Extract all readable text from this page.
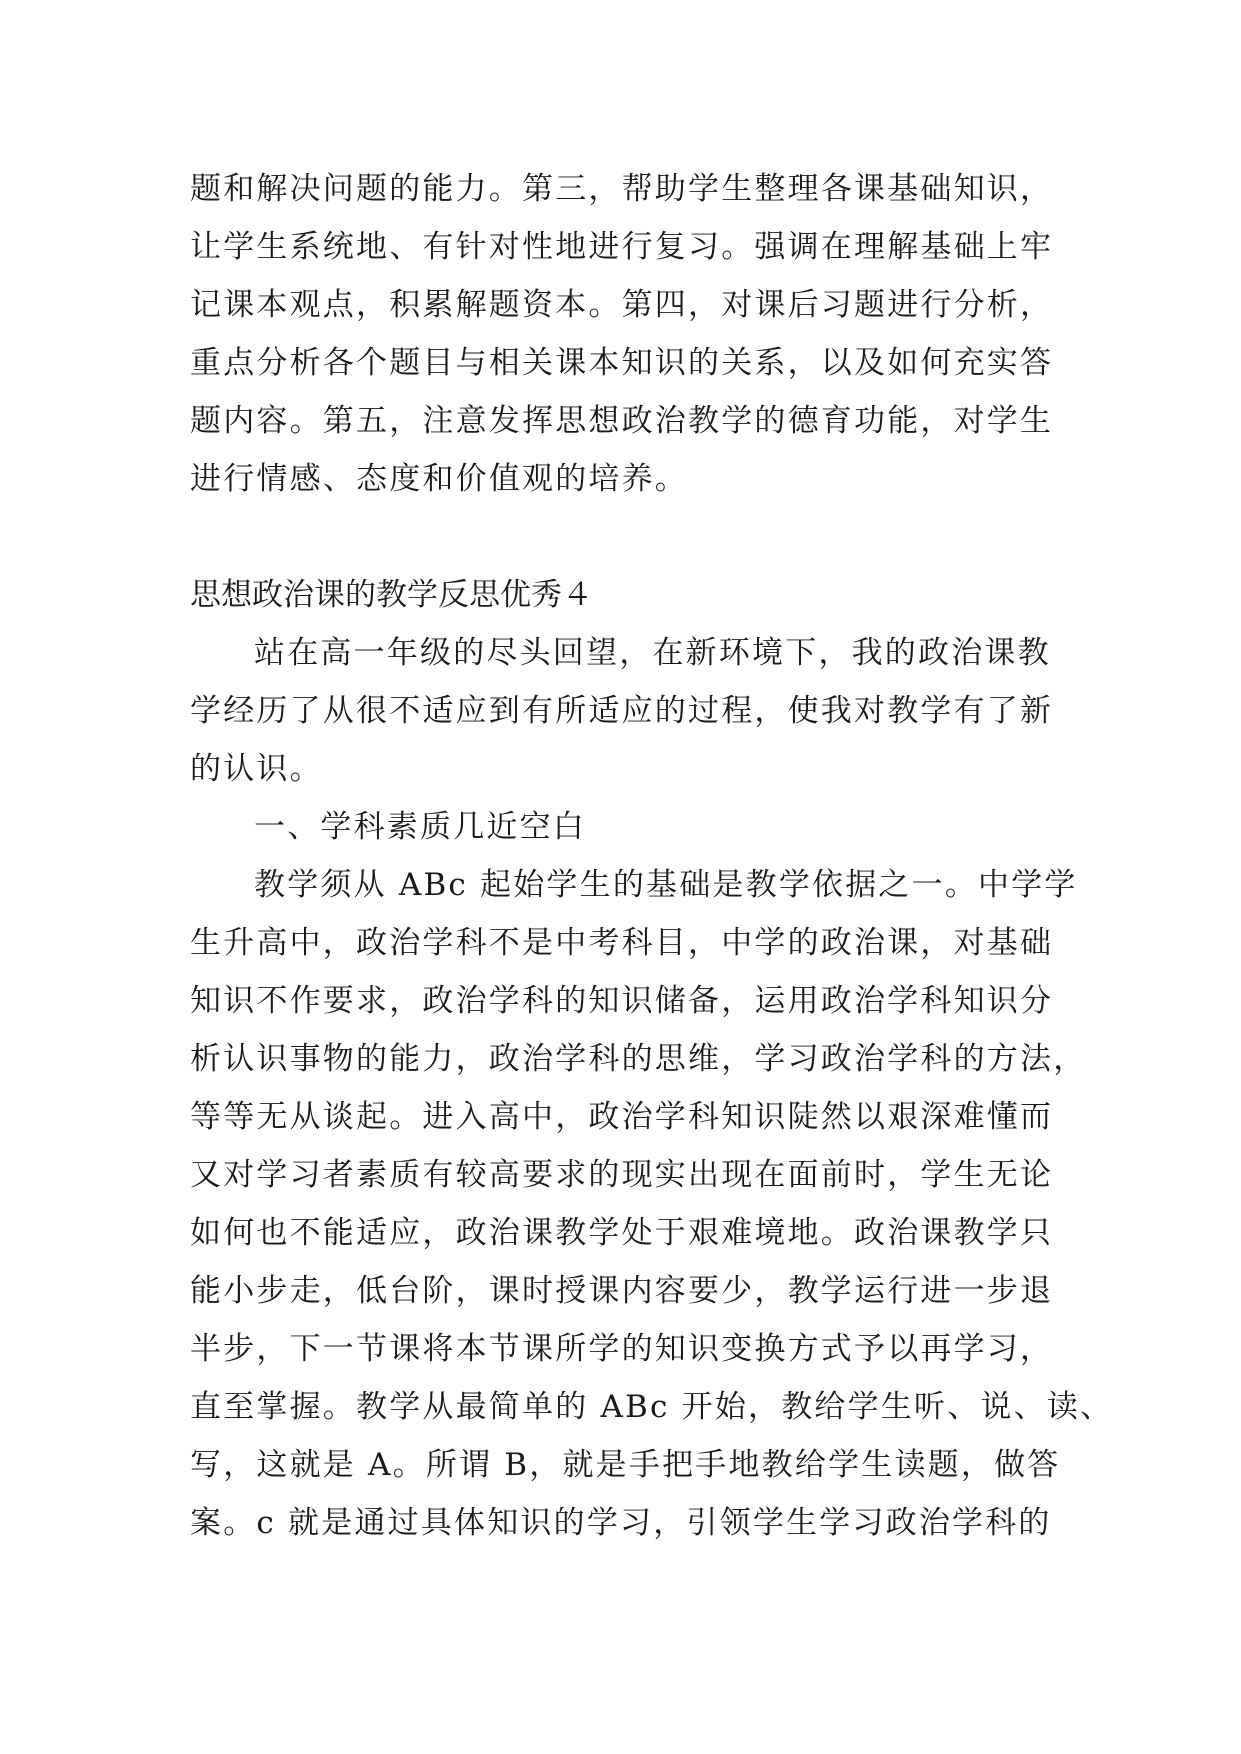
题和解决问题的能力。第三，帮助学生整理各课基础知识，
让学生系统地、有针对性地进行复习。强调在理解基础上牢
记课本观点，积累解题资本。第四，对课后习题进行分析，
重点分析各个题目与相关课本知识的关系，以及如何充实答
题内容。第五，注意发挥思想政治教学的德育功能，对学生
进行情感、态度和价值观的培养。
思想政治课的教学反思优秀４
站在高一年级的尽头回望，在新环境下，我的政治课教
学经历了从很不适应到有所适应的过程，使我对教学有了新
的认识。
一、学科素质几近空白
教学须从 ABc 起始学生的基础是教学依据之一。中学学
生升高中，政治学科不是中考科目，中学的政治课，对基础
知识不作要求，政治学科的知识储备，运用政治学科知识分
析认识事物的能力，政治学科的思维，学习政治学科的方法，
等等无从谈起。进入高中，政治学科知识陡然以艰深难懂而
又对学习者素质有较高要求的现实出现在面前时，学生无论
如何也不能适应，政治课教学处于艰难境地。政治课教学只
能小步走，低台阶，课时授课内容要少，教学运行进一步退
半步，下一节课将本节课所学的知识变换方式予以再学习，
直至掌握。教学从最简单的 ABc 开始，教给学生听、说、读、
写，这就是 A。所谓 B，就是手把手地教给学生读题，做答
案。c 就是通过具体知识的学习，引领学生学习政治学科的
